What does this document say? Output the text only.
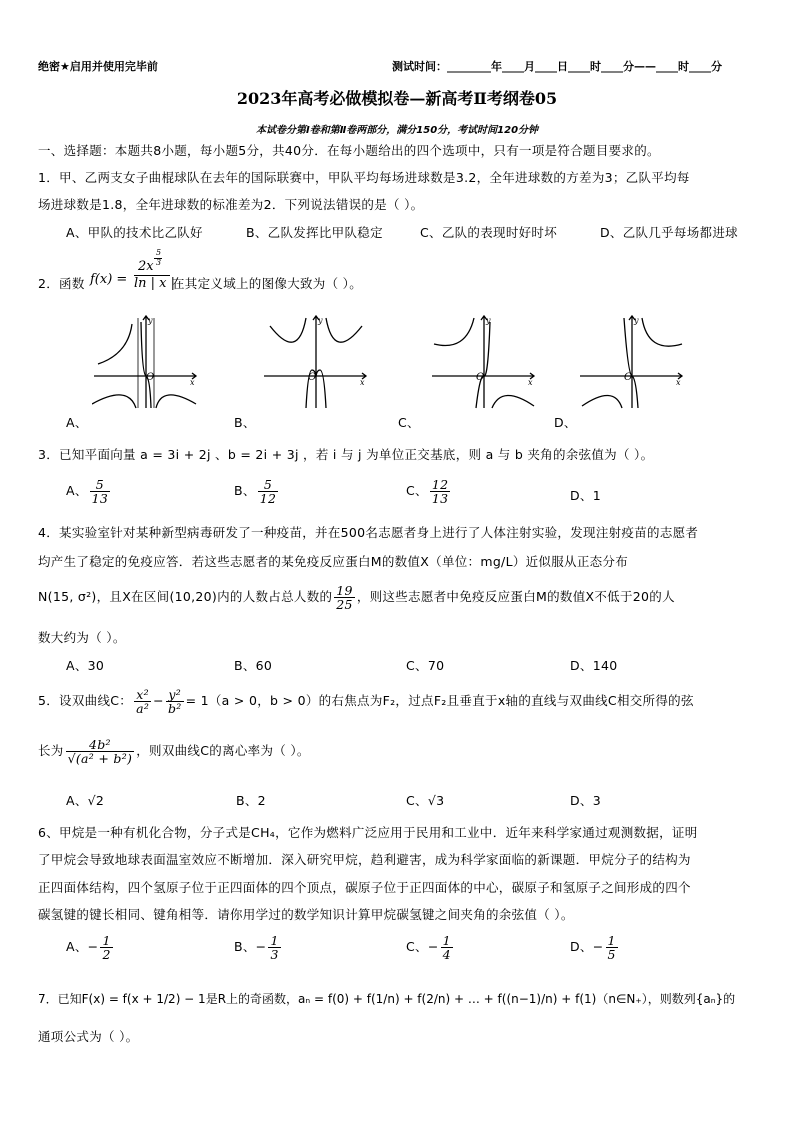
绝密★启用并使用完毕前	测试时间：________年____月____日____时____分——____时____分
2023年高考必做模拟卷—新高考Ⅱ考纲卷05
本试卷分第Ⅰ卷和第Ⅱ卷两部分，满分150分，考试时间120分钟
一、选择题：本题共8小题，每小题5分，共40分．在每小题给出的四个选项中，只有一项是符合题目要求的。
1．甲、乙两支女子曲棍球队在去年的国际联赛中，甲队平均每场进球数是3.2，全年进球数的方差为3；乙队平均每
场进球数是1.8，全年进球数的标准差为2．下列说法错误的是（ ）。
A、甲队的技术比乙队好	B、乙队发挥比甲队稳定	C、乙队的表现时好时坏	D、乙队几乎每场都进球
2．函数 f(x) =
2x
5
3
ln | x |
在其定义域上的图像大致为（ ）。
y
O	x
y
O	x
y
O	x
y
O	x
A、	B、	C、	D、
3．已知平面向量 a = 3i + 2j 、b = 2i + 3j ，若 i 与 j 为单位正交基底，则 a 与 b 夹角的余弦值为（ ）。
A、 $\frac{5}{13}$	B、 $\frac{5}{12}$	C、 $\frac{12}{13}$	D、1
4．某实验室针对某种新型病毒研发了一种疫苗，并在500名志愿者身上进行了人体注射实验，发现注射疫苗的志愿者
均产生了稳定的免疫应答．若这些志愿者的某免疫反应蛋白M的数值X（单位：mg/L）近似服从正态分布
N(15, σ²)，且X在区间(10,20)内的人数占总人数的 $\frac{19}{25}$ ，则这些志愿者中免疫反应蛋白M的数值X不低于20的人
数大约为（ ）。
A、30	B、60	C、70	D、140
5．设双曲线C： $\frac{\text{x²}}{\text{a²}} - \frac{\text{y²}}{\text{b²}} = 1(a > 0$，b > 0）的右焦点为F₂，过点F₂且垂直于x轴的直线与双曲线C相交所得的弦
长为 $\frac{\text{4b²}}{\text{√(a² + b²)}}$ ，则双曲线C的离心率为（ ）。
A、√2	B、2	C、√3	D、3
6、甲烷是一种有机化合物，分子式是CH₄，它作为燃料广泛应用于民用和工业中．近年来科学家通过观测数据，证明
了甲烷会导致地球表面温室效应不断增加．深入研究甲烷，趋利避害，成为科学家面临的新课题．甲烷分子的结构为
正四面体结构，四个氢原子位于正四面体的四个顶点，碳原子位于正四面体的中心，碳原子和氢原子之间形成的四个
碳氢键的键长相同、键角相等．请你用学过的数学知识计算甲烷碳氢键之间夹角的余弦值（ ）。
A、− $\frac{1}{2}$	B、− $\frac{1}{3}$	C、− $\frac{1}{4}$	D、− $\frac{1}{5}$
7．已知F(x) = f(x + 1/2) − 1是R上的奇函数，aₙ = f(0) + f(1/n) + f(2/n) + … + f((n−1)/n) + f(1)（n∈N₊），则数列{aₙ}的
通项公式为（ ）。
